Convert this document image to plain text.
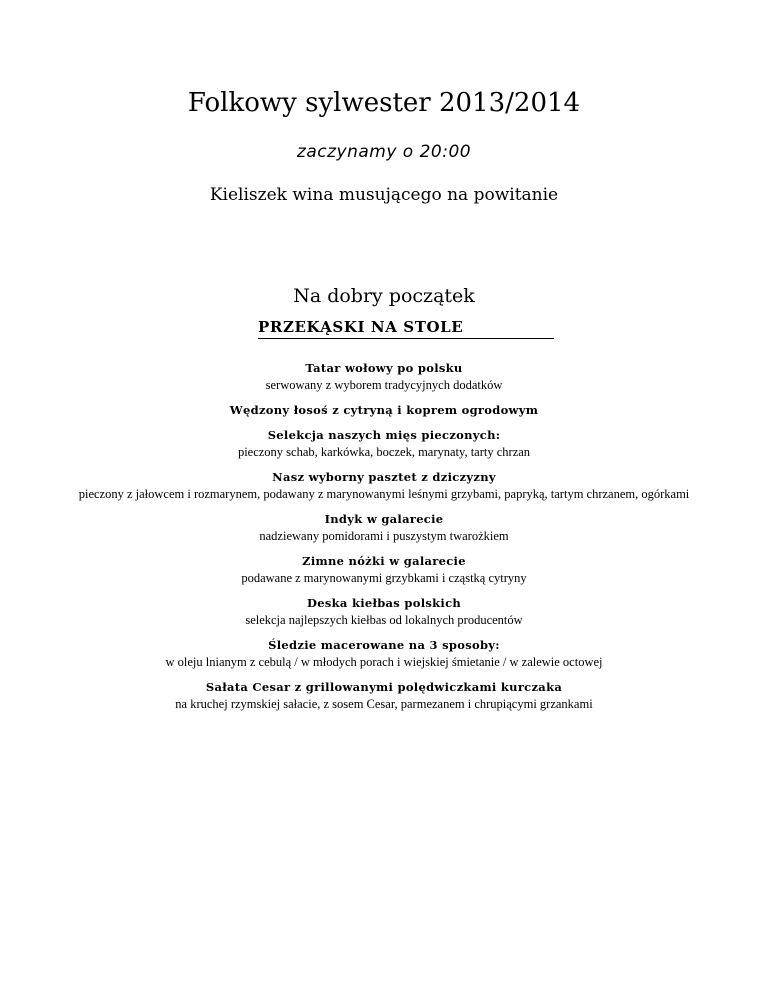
Folkowy sylwester 2013/2014
zaczynamy o 20:00
Kieliszek wina musującego na powitanie
Na dobry początek
PRZEKĄSKI NA STOLE
Tatar wołowy po polsku
serwowany z wyborem tradycyjnych dodatków
Wędzony łosoś z cytryną i koprem ogrodowym
Selekcja naszych mięs pieczonych:
pieczony schab, karkówka, boczek, marynaty, tarty chrzan
Nasz wyborny pasztet z dziczyzny
pieczony z jałowcem i rozmarynem, podawany z marynowanymi leśnymi grzybami, papryką, tartym chrzanem, ogórkami
Indyk w galarecie
nadziewany pomidorami i puszystym twarożkiem
Zimne nóżki w galarecie
podawane z marynowanymi grzybkami i cząstką cytryny
Deska kiełbas polskich
selekcja najlepszych kiełbas od lokalnych producentów
Śledzie macerowane na 3 sposoby:
w oleju lnianym z cebulą / w młodych porach i wiejskiej śmietanie / w zalewie octowej
Sałata Cesar z grillowanymi polędwiczkami kurczaka
na kruchej rzymskiej sałacie, z sosem Cesar, parmezanem i chrupiącymi grzankami
